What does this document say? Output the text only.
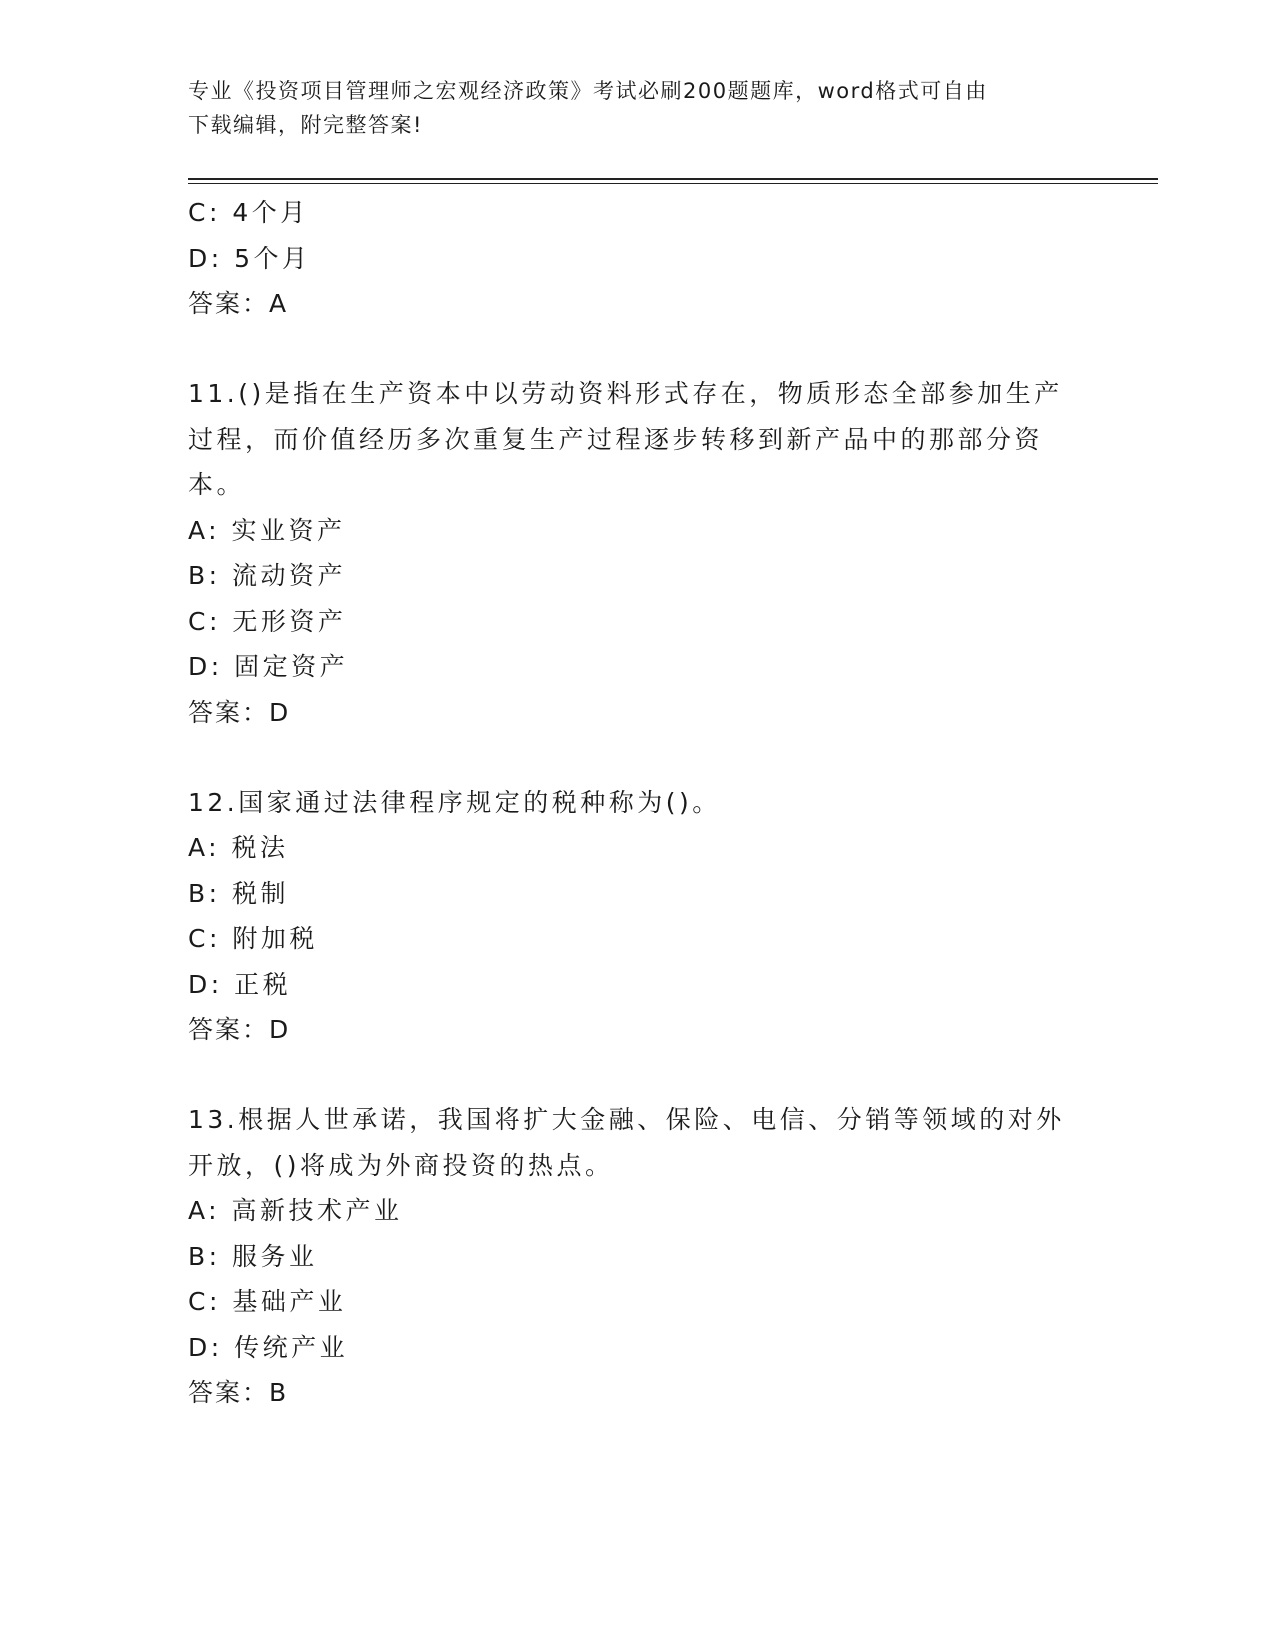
专业《投资项目管理师之宏观经济政策》考试必刷200题题库，word格式可自由
下载编辑，附完整答案!
C: 4个月
D: 5个月
答案：A
11.()是指在生产资本中以劳动资料形式存在，物质形态全部参加生产
过程，而价值经历多次重复生产过程逐步转移到新产品中的那部分资
本。
A: 实业资产
B: 流动资产
C: 无形资产
D: 固定资产
答案：D
12.国家通过法律程序规定的税种称为()。
A: 税法
B: 税制
C: 附加税
D: 正税
答案：D
13.根据人世承诺，我国将扩大金融、保险、电信、分销等领域的对外
开放，()将成为外商投资的热点。
A: 高新技术产业
B: 服务业
C: 基础产业
D: 传统产业
答案：B
